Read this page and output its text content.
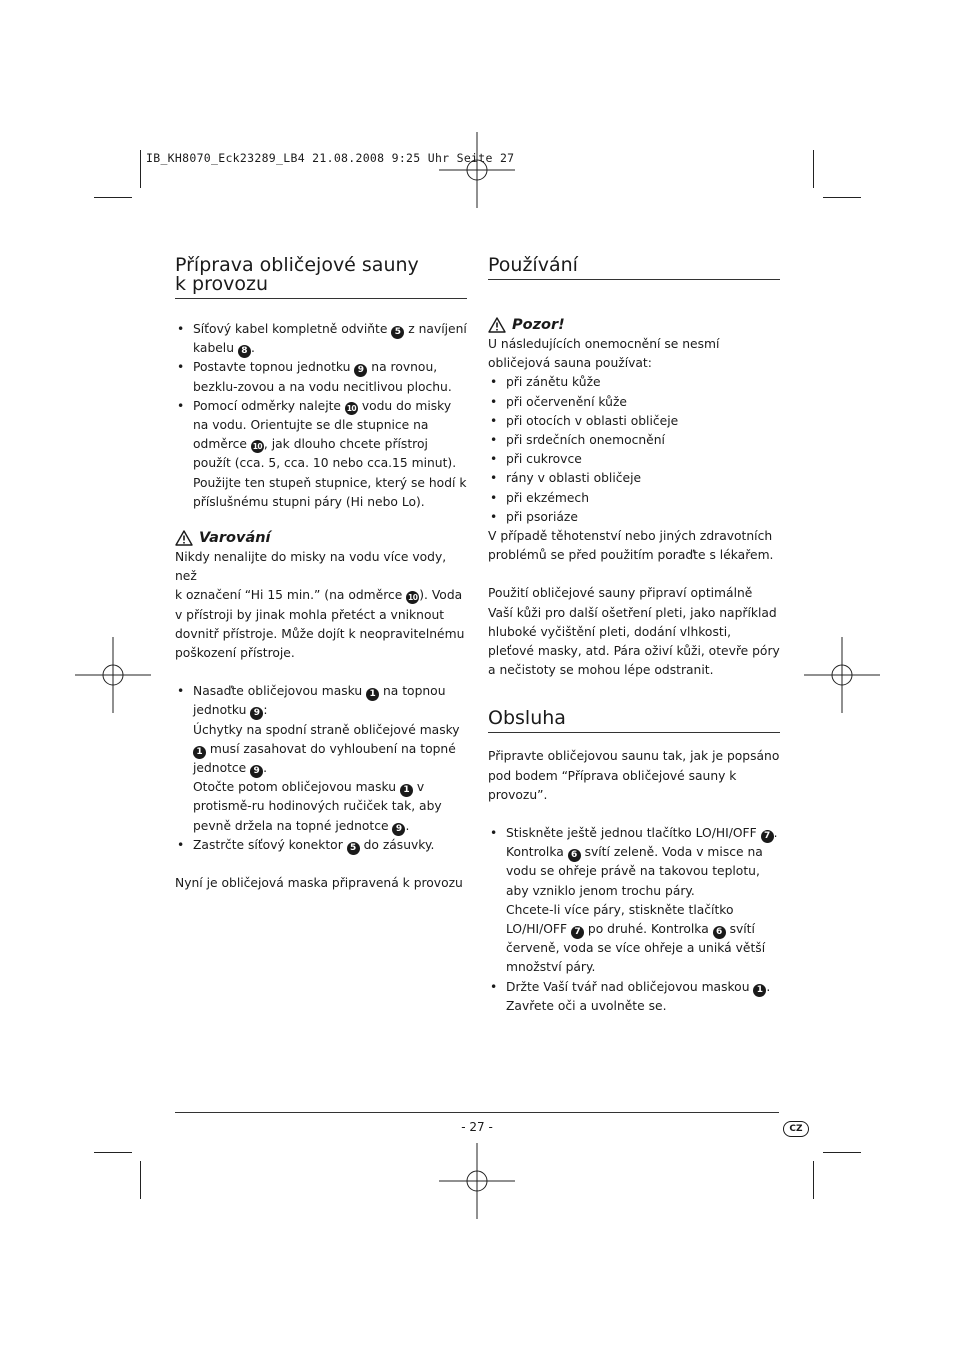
IB_KH8070_Eck23289_LB4 21.08.2008 9:25 Uhr Seite 27
Příprava obličejové sauny
k provozu
• Síťový kabel kompletně odviňte 5 z navíjení kabelu 8 .
• Postavte topnou jednotku 9 na rovnou, bezklu-zovou a na vodu necitlivou plochu.
• Pomocí odměrky nalejte 10 vodu do misky na vodu. Orientujte se dle stupnice na odměrce 10 , jak dlouho chcete přístroj použít (cca. 5, cca. 10 nebo cca.15 minut). Použijte ten stupeň stupnice, který se hodí k příslušnému stupni páry (Hi nebo Lo).
Varování

Nikdy nenalijte do misky na vodu více vody, než
k označení “Hi 15 min.” (na odměrce 10 ). Voda v přístroji by jinak mohla přetéct a vniknout dovnitř přístroje. Může dojít k neopravitelnému poškození přístroje.

• Nasaďte obličejovou masku 1 na topnou jednotku 9 :
Úchytky na spodní straně obličejové masky 1 musí zasahovat do vyhloubení na topné jednotce 9 .
Otočte potom obličejovou masku 1 v protismě-ru hodinových ručiček tak, aby pevně držela na topné jednotce 9 .
• Zastrčte síťový konektor 5 do zásuvky.

Nyní je obličejová maska připravená k provozu

Používání
Pozor!

U následujících onemocnění se nesmí obličejová sauna používat:

• při zánětu kůže
• při očervenění kůže
• při otocích v oblasti obličeje
• při srdečních onemocnění
• při cukrovce
• rány v oblasti obličeje
• při ekzémech
• při psoriáze

V případě těhotenství nebo jiných zdravotních problémů se před použitím poraďte s lékařem.

Použití obličejové sauny připraví optimálně Vaší kůži pro další ošetření pleti, jako například hluboké vyčištění pleti, dodání vlhkosti, pleťové masky, atd. Pára oživí kůži, otevře póry a nečistoty se mohou lépe odstranit.

Obsluha

Připravte obličejovou saunu tak, jak je popsáno pod bodem “Příprava obličejové sauny k provozu”.

• Stiskněte ještě jednou tlačítko LO/HI/OFF 7 . Kontrolka 6 svítí zeleně. Voda v misce na vodu se ohřeje právě na takovou teplotu, aby vzniklo jenom trochu páry.
Chcete-li více páry, stiskněte tlačítko LO/HI/OFF 7 po druhé. Kontrolka 6 svítí červeně, voda se více ohřeje a uniká větší množství páry.
• Držte Vaší tvář nad obličejovou maskou 1 . Zavřete oči a uvolněte se.
- 27 -	CZ
